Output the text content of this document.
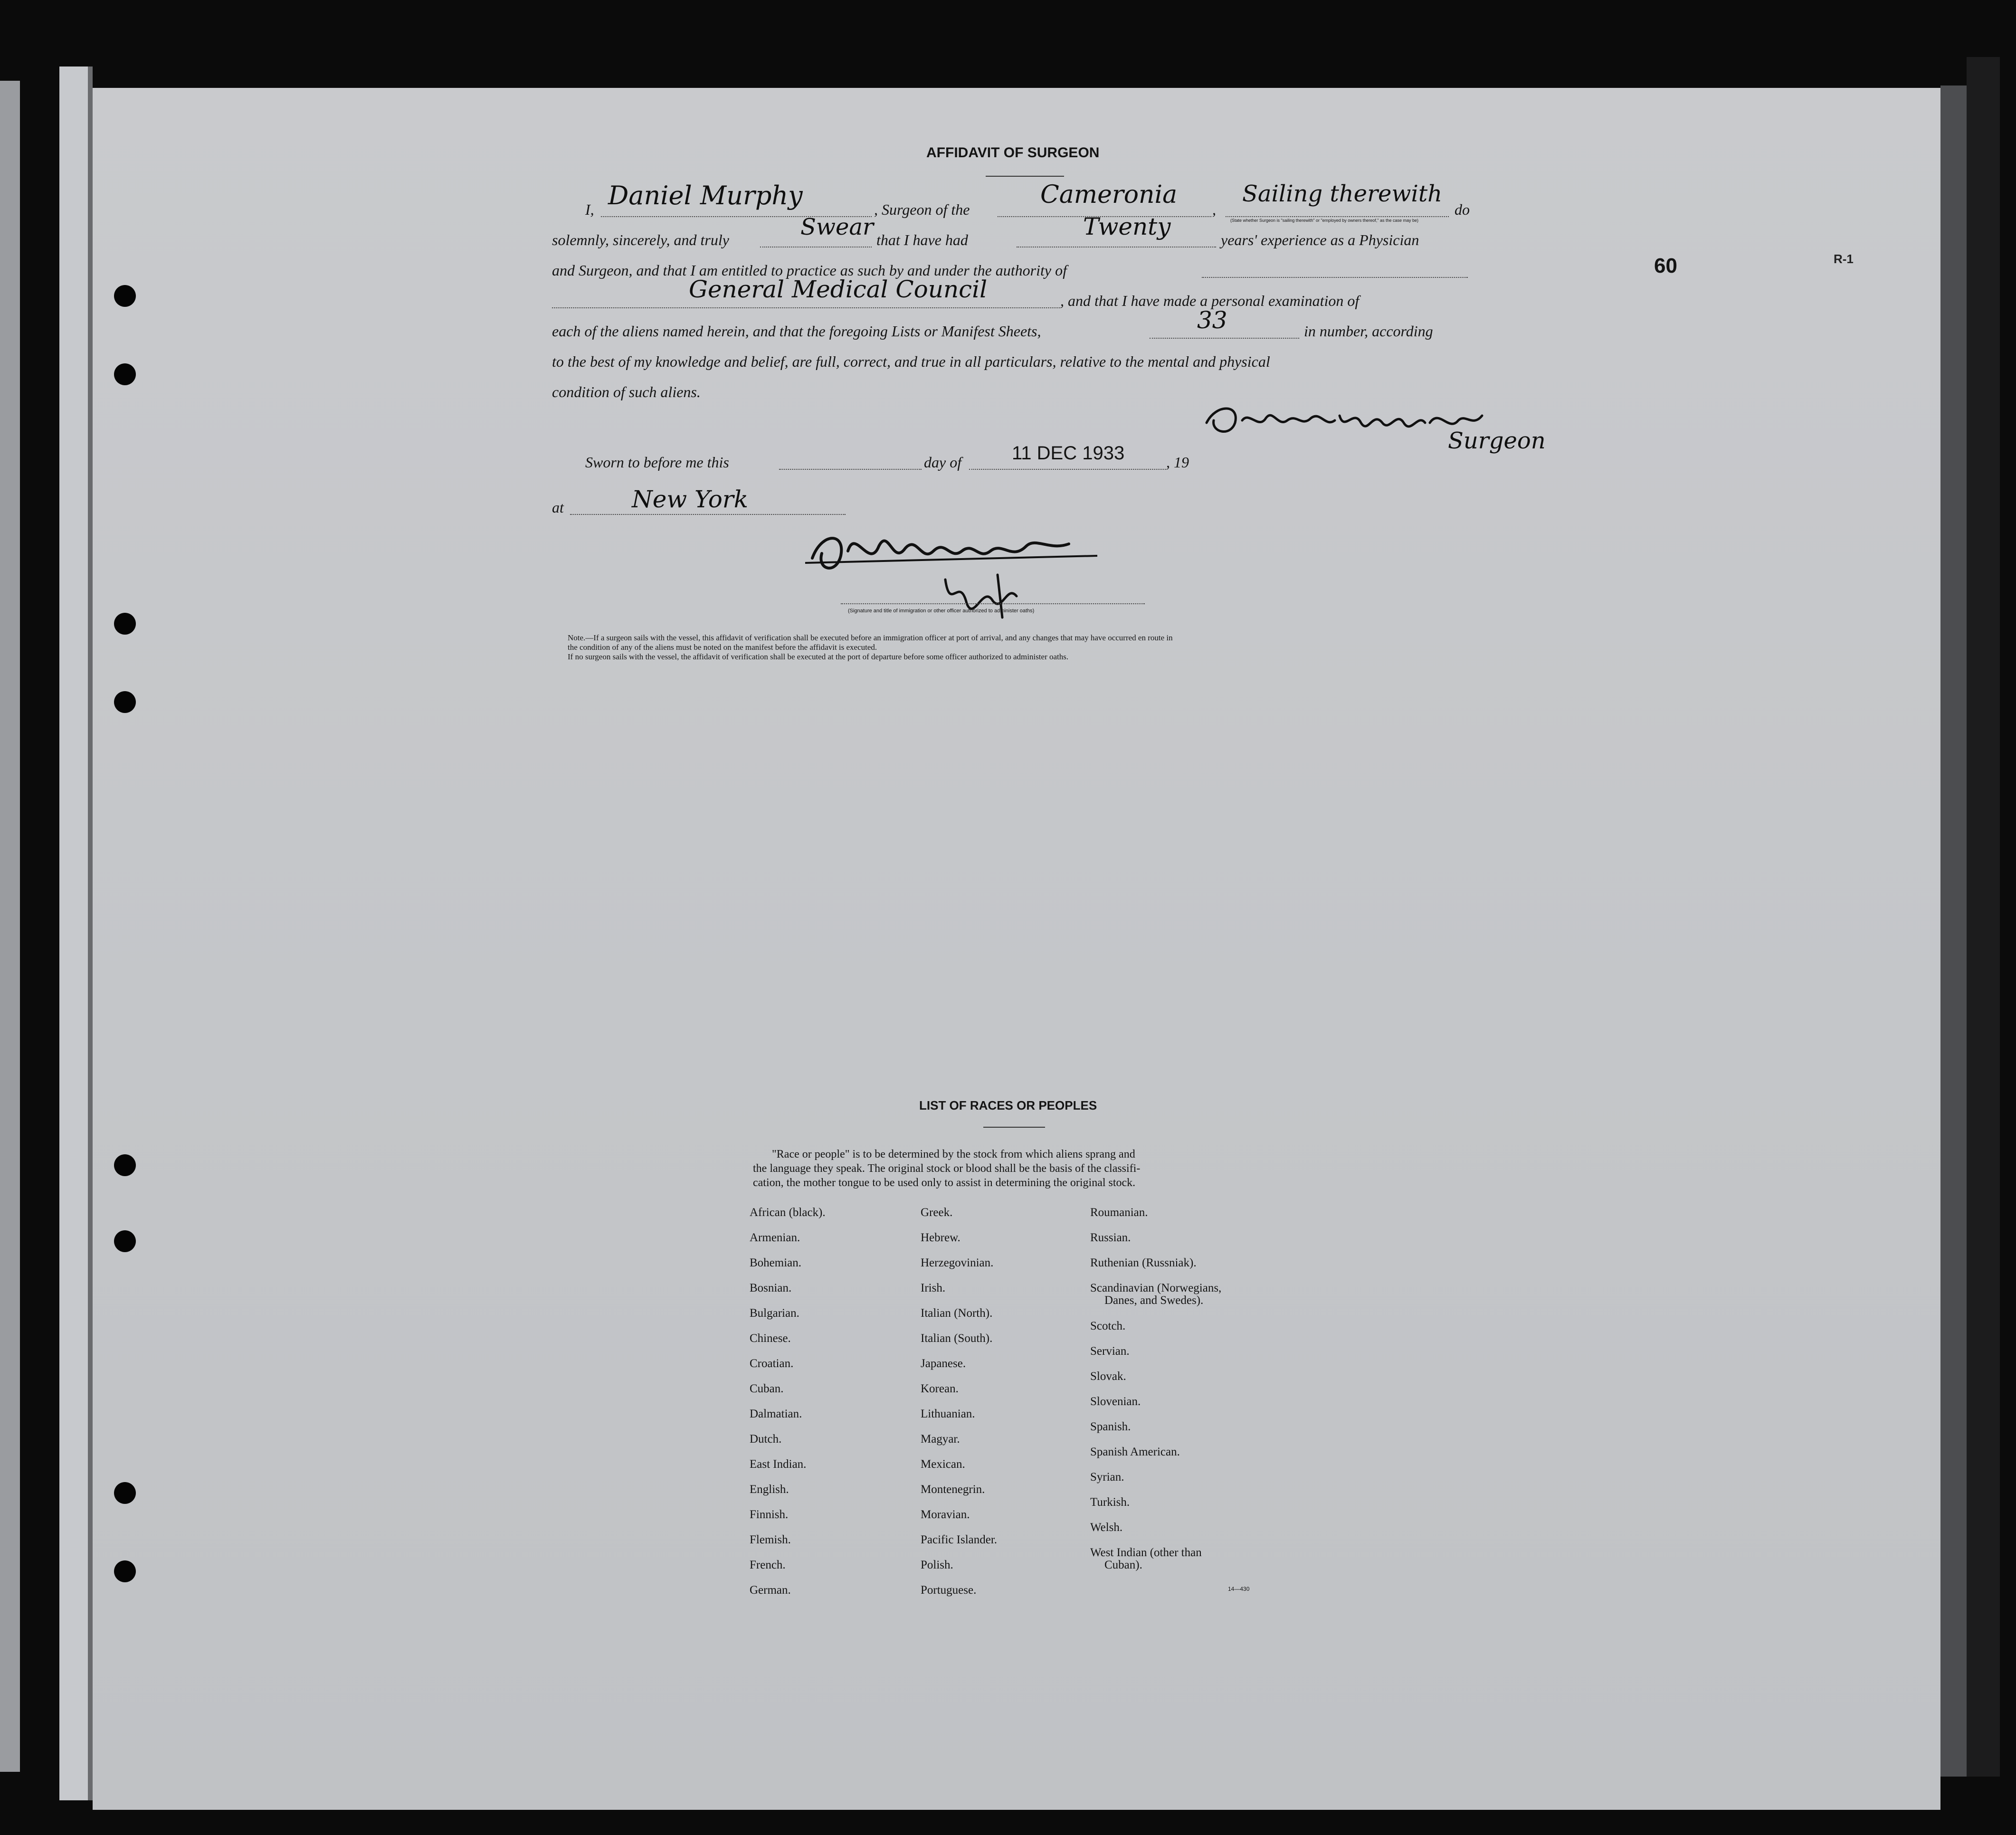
AFFIDAVIT OF SURGEON
60	R-1
I, Daniel Murphy	, Surgeon of the
Cameronia
,
Sailing therewith
(State whether Surgeon is "sailing therewith" or "employed by owners thereof," as the case may be)
do
solemnly, sincerely, and truly	Swear that I have had	Twenty	years' experience as a Physician
and Surgeon, and that I am entitled to practice as such by and under the authority of
General Medical Council	, and that I have made a personal examination of
each of the aliens named herein, and that the foregoing Lists or Manifest Sheets,	33	in number, according
to the best of my knowledge and belief, are full, correct, and true in all particulars, relative to the mental and physical
condition of such aliens.
Surgeon
Sworn to before me this	day of	11 DEC 1933	, 19
at	New York
(Signature and title of immigration or other officer authorized to administer oaths)
Note.—If a surgeon sails with the vessel, this affidavit of verification shall be executed before an immigration officer at port of arrival, and any changes that may have occurred en route in
the condition of any of the aliens must be noted on the manifest before the affidavit is executed.
If no surgeon sails with the vessel, the affidavit of verification shall be executed at the port of departure before some officer authorized to administer oaths.
LIST OF RACES OR PEOPLES
"Race or people" is to be determined by the stock from which aliens sprang and
the language they speak. The original stock or blood shall be the basis of the classifi-
cation, the mother tongue to be used only to assist in determining the original stock.
African (black).
Armenian.
Bohemian.
Bosnian.
Bulgarian.
Chinese.
Croatian.
Cuban.
Dalmatian.
Dutch.
East Indian.
English.
Finnish.
Flemish.
French.
German.
Greek.
Hebrew.
Herzegovinian.
Irish.
Italian (North).
Italian (South).
Japanese.
Korean.
Lithuanian.
Magyar.
Mexican.
Montenegrin.
Moravian.
Pacific Islander.
Polish.
Portuguese.
Roumanian.
Russian.
Ruthenian (Russniak).
Scandinavian (Norwegians,
Danes, and Swedes).
Scotch.
Servian.
Slovak.
Slovenian.
Spanish.
Spanish American.
Syrian.
Turkish.
Welsh.
West Indian (other than
Cuban).
14—430
